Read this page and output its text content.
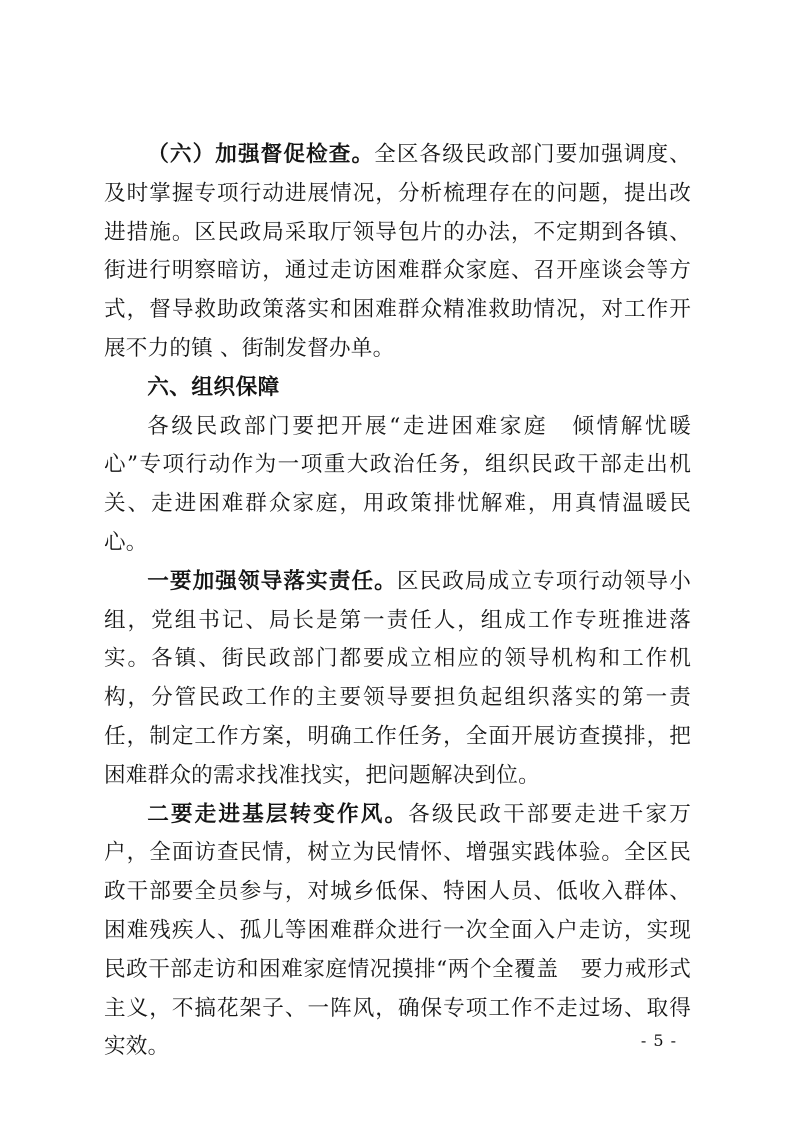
（六）加强督促检查。全区各级民政部门要加强调度、及时掌握专项行动进展情况，分析梳理存在的问题，提出改进措施。区民政局采取厅领导包片的办法，不定期到各镇、街进行明察暗访，通过走访困难群众家庭、召开座谈会等方式，督导救助政策落实和困难群众精准救助情况，对工作开展不力的镇 、街制发督办单。

六、组织保障

各级民政部门要把开展“走进困难家庭　倾情解忧暖心”专项行动作为一项重大政治任务，组织民政干部走出机关、走进困难群众家庭，用政策排忧解难，用真情温暖民心。

一要加强领导落实责任。区民政局成立专项行动领导小组，党组书记、局长是第一责任人，组成工作专班推进落实。各镇、街民政部门都要成立相应的领导机构和工作机构，分管民政工作的主要领导要担负起组织落实的第一责任，制定工作方案，明确工作任务，全面开展访查摸排，把困难群众的需求找准找实，把问题解决到位。

二要走进基层转变作风。各级民政干部要走进千家万户，全面访查民情，树立为民情怀、增强实践体验。全区民政干部要全员参与，对城乡低保、特困人员、低收入群体、困难残疾人、孤儿等困难群众进行一次全面入户走访，实现民政干部走访和困难家庭情况摸排“两个全覆盖　要力戒形式主义，不搞花架子、一阵风，确保专项工作不走过场、取得实效。	- 5 -
